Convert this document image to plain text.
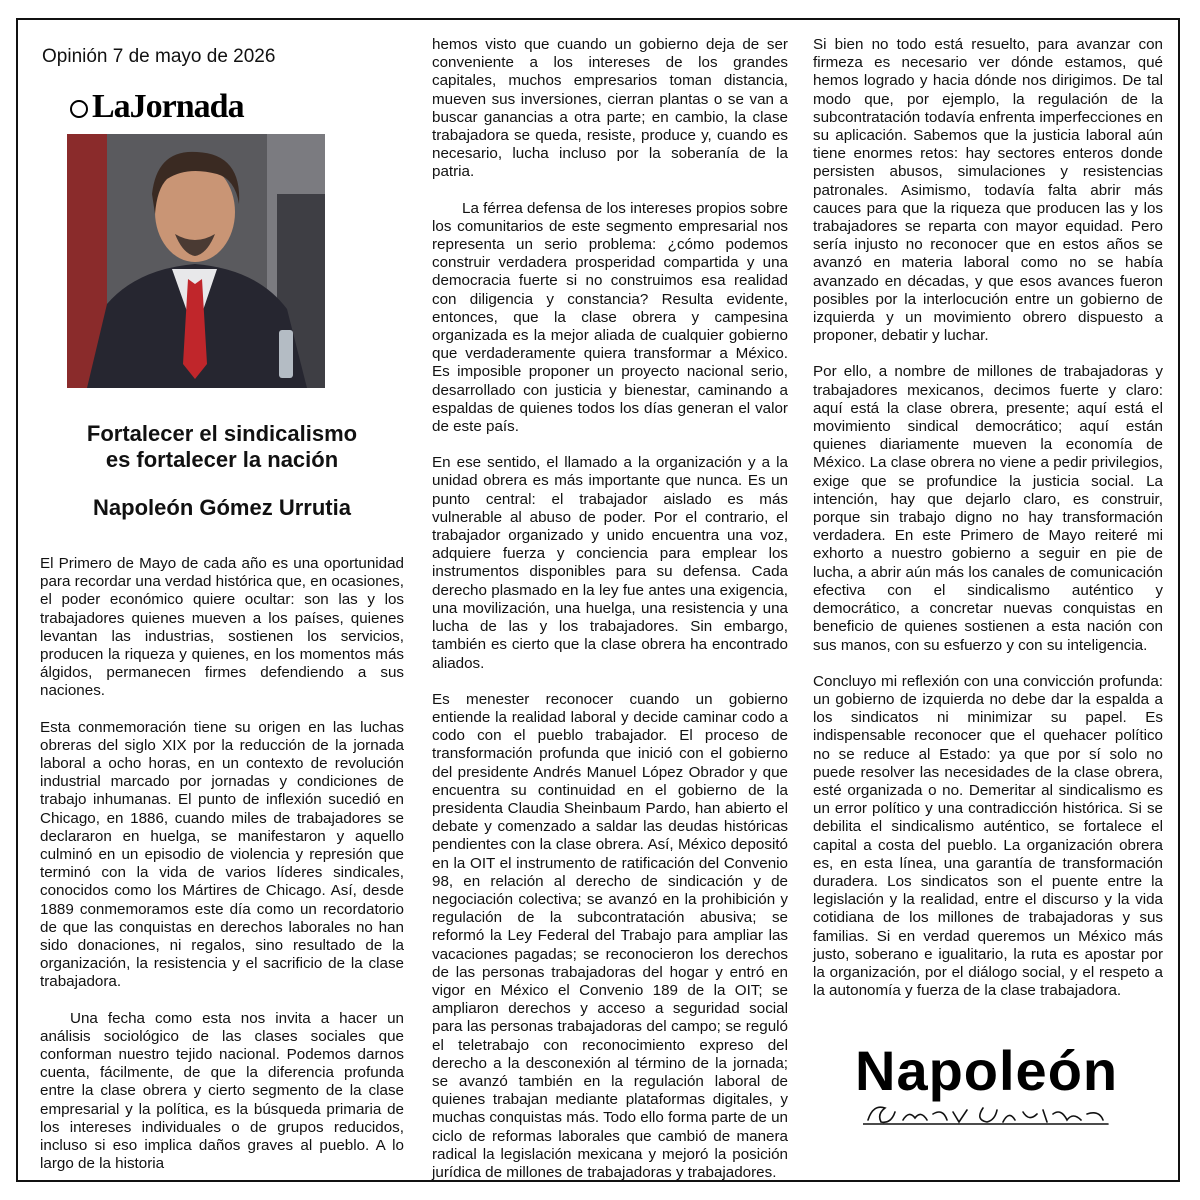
Opinión 7 de mayo de 2026
LaJornada
Fortalecer el sindicalismo
es fortalecer la nación
Napoleón Gómez Urrutia

El Primero de Mayo de cada año es una oportunidad para recordar una verdad histórica que, en ocasiones, el poder económico quiere ocultar: son las y los trabajadores quienes mueven a los países, quienes levantan las industrias, sostienen los servicios, producen la riqueza y quienes, en los momentos más álgidos, permanecen firmes defendiendo a sus naciones.

Esta conmemoración tiene su origen en las luchas obreras del siglo XIX por la reducción de la jornada laboral a ocho horas, en un contexto de revolución industrial marcado por jornadas y condiciones de trabajo inhumanas. El punto de inflexión sucedió en Chicago, en 1886, cuando miles de trabajadores se declararon en huelga, se manifestaron y aquello culminó en un episodio de violencia y represión que terminó con la vida de varios líderes sindicales, conocidos como los Mártires de Chicago. Así, desde 1889 conmemoramos este día como un recordatorio de que las conquistas en derechos laborales no han sido donaciones, ni regalos, sino resultado de la organización, la resistencia y el sacrificio de la clase trabajadora.

Una fecha como esta nos invita a hacer un análisis sociológico de las clases sociales que conforman nuestro tejido nacional. Podemos darnos cuenta, fácilmente, de que la diferencia profunda entre la clase obrera y cierto segmento de la clase empresarial y la política, es la búsqueda primaria de los intereses individuales o de grupos reducidos, incluso si eso implica daños graves al pueblo. A lo largo de la historia

hemos visto que cuando un gobierno deja de ser conveniente a los intereses de los grandes capitales, muchos empresarios toman distancia, mueven sus inversiones, cierran plantas o se van a buscar ganancias a otra parte; en cambio, la clase trabajadora se queda, resiste, produce y, cuando es necesario, lucha incluso por la soberanía de la patria.

La férrea defensa de los intereses propios sobre los comunitarios de este segmento empresarial nos representa un serio problema: ¿cómo podemos construir verdadera prosperidad compartida y una democracia fuerte si no construimos esa realidad con diligencia y constancia? Resulta evidente, entonces, que la clase obrera y campesina organizada es la mejor aliada de cualquier gobierno que verdaderamente quiera transformar a México. Es imposible proponer un proyecto nacional serio, desarrollado con justicia y bienestar, caminando a espaldas de quienes todos los días generan el valor de este país.

En ese sentido, el llamado a la organización y a la unidad obrera es más importante que nunca. Es un punto central: el trabajador aislado es más vulnerable al abuso de poder. Por el contrario, el trabajador organizado y unido encuentra una voz, adquiere fuerza y conciencia para emplear los instrumentos disponibles para su defensa. Cada derecho plasmado en la ley fue antes una exigencia, una movilización, una huelga, una resistencia y una lucha de las y los trabajadores. Sin embargo, también es cierto que la clase obrera ha encontrado aliados.

Es menester reconocer cuando un gobierno entiende la realidad laboral y decide caminar codo a codo con el pueblo trabajador. El proceso de transformación profunda que inició con el gobierno del presidente Andrés Manuel López Obrador y que encuentra su continuidad en el gobierno de la presidenta Claudia Sheinbaum Pardo, han abierto el debate y comenzado a saldar las deudas históricas pendientes con la clase obrera. Así, México depositó en la OIT el instrumento de ratificación del Convenio 98, en relación al derecho de sindicación y de negociación colectiva; se avanzó en la prohibición y regulación de la subcontratación abusiva; se reformó la Ley Federal del Trabajo para ampliar las vacaciones pagadas; se reconocieron los derechos de las personas trabajadoras del hogar y entró en vigor en México el Convenio 189 de la OIT; se ampliaron derechos y acceso a seguridad social para las personas trabajadoras del campo; se reguló el teletrabajo con reconocimiento expreso del derecho a la desconexión al término de la jornada; se avanzó también en la regulación laboral de quienes trabajan mediante plataformas digitales, y muchas conquistas más. Todo ello forma parte de un ciclo de reformas laborales que cambió de manera radical la legislación mexicana y mejoró la posición jurídica de millones de trabajadoras y trabajadores.

Si bien no todo está resuelto, para avanzar con firmeza es necesario ver dónde estamos, qué hemos logrado y hacia dónde nos dirigimos. De tal modo que, por ejemplo, la regulación de la subcontratación todavía enfrenta imperfecciones en su aplicación. Sabemos que la justicia laboral aún tiene enormes retos: hay sectores enteros donde persisten abusos, simulaciones y resistencias patronales. Asimismo, todavía falta abrir más cauces para que la riqueza que producen las y los trabajadores se reparta con mayor equidad. Pero sería injusto no reconocer que en estos años se avanzó en materia laboral como no se había avanzado en décadas, y que esos avances fueron posibles por la interlocución entre un gobierno de izquierda y un movimiento obrero dispuesto a proponer, debatir y luchar.

Por ello, a nombre de millones de trabajadoras y trabajadores mexicanos, decimos fuerte y claro: aquí está la clase obrera, presente; aquí está el movimiento sindical democrático; aquí están quienes diariamente mueven la economía de México. La clase obrera no viene a pedir privilegios, exige que se profundice la justicia social. La intención, hay que dejarlo claro, es construir, porque sin trabajo digno no hay transformación verdadera. En este Primero de Mayo reiteré mi exhorto a nuestro gobierno a seguir en pie de lucha, a abrir aún más los canales de comunicación efectiva con el sindicalismo auténtico y democrático, a concretar nuevas conquistas en beneficio de quienes sostienen a esta nación con sus manos, con su esfuerzo y con su inteligencia.

Concluyo mi reflexión con una convicción profunda: un gobierno de izquierda no debe dar la espalda a los sindicatos ni minimizar su papel. Es indispensable reconocer que el quehacer político no se reduce al Estado: ya que por sí solo no puede resolver las necesidades de la clase obrera, esté organizada o no. Demeritar al sindicalismo es un error político y una contradicción histórica. Si se debilita el sindicalismo auténtico, se fortalece el capital a costa del pueblo. La organización obrera es, en esta línea, una garantía de transformación duradera. Los sindicatos son el puente entre la legislación y la realidad, entre el discurso y la vida cotidiana de los millones de trabajadoras y sus familias. Si en verdad queremos un México más justo, soberano e igualitario, la ruta es apostar por la organización, por el diálogo social, y el respeto a la autonomía y fuerza de la clase trabajadora.

Napoleón
